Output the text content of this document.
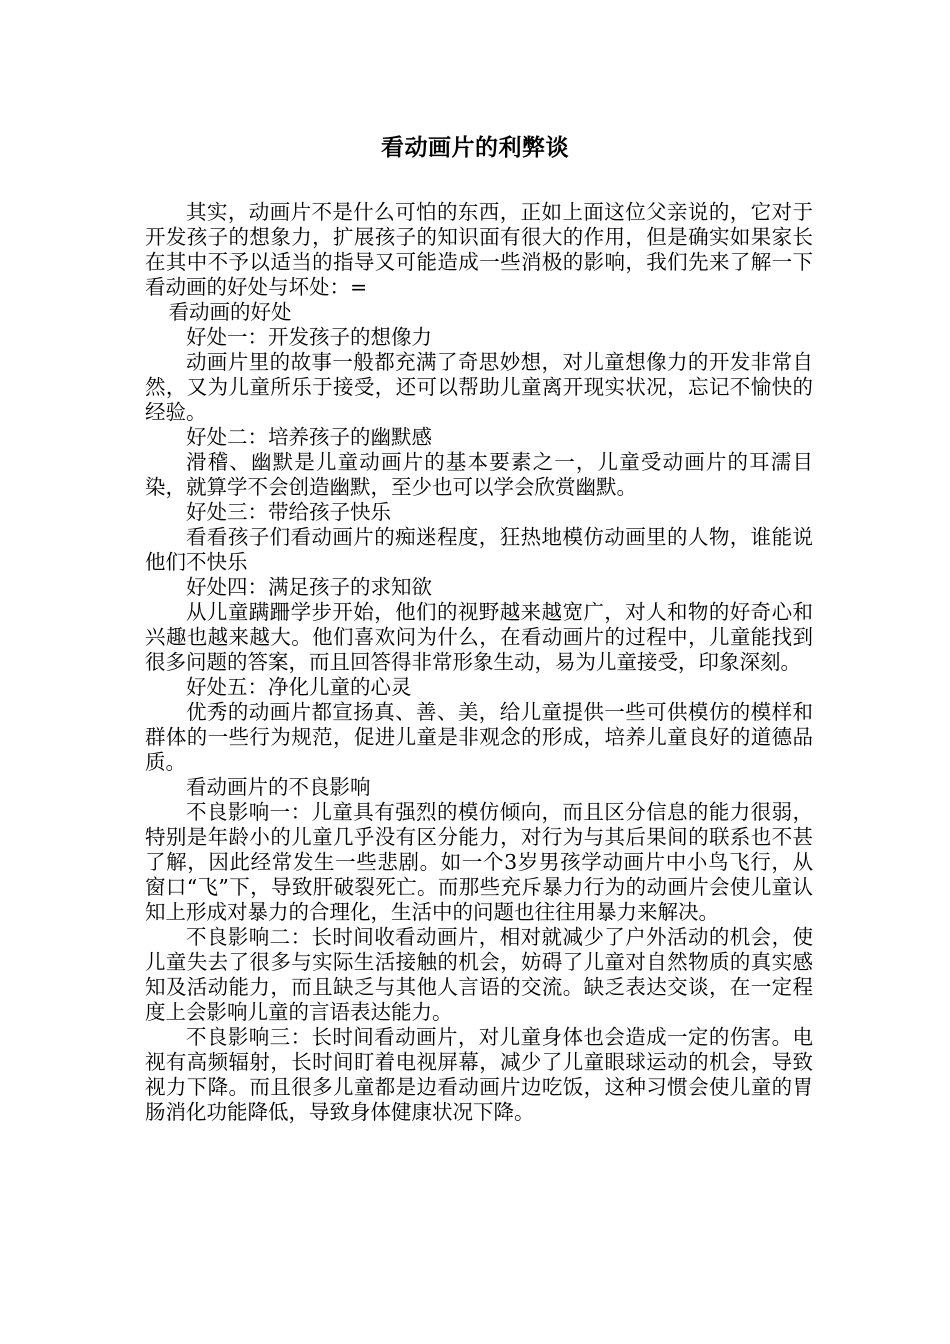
看动画片的利弊谈

其实，动画片不是什么可怕的东西，正如上面这位父亲说的，它对于开发孩子的想象力，扩展孩子的知识面有很大的作用，但是确实如果家长在其中不予以适当的指导又可能造成一些消极的影响，我们先来了解一下看动画的好处与坏处：=

看动画的好处

好处一：开发孩子的想像力

动画片里的故事一般都充满了奇思妙想，对儿童想像力的开发非常自然，又为儿童所乐于接受，还可以帮助儿童离开现实状况，忘记不愉快的经验。

好处二：培养孩子的幽默感

滑稽、幽默是儿童动画片的基本要素之一，儿童受动画片的耳濡目染，就算学不会创造幽默，至少也可以学会欣赏幽默。

好处三：带给孩子快乐

看看孩子们看动画片的痴迷程度，狂热地模仿动画里的人物，谁能说他们不快乐

好处四：满足孩子的求知欲

从儿童蹒跚学步开始，他们的视野越来越宽广，对人和物的好奇心和兴趣也越来越大。他们喜欢问为什么，在看动画片的过程中，儿童能找到很多问题的答案，而且回答得非常形象生动，易为儿童接受，印象深刻。

好处五：净化儿童的心灵

优秀的动画片都宣扬真、善、美，给儿童提供一些可供模仿的模样和群体的一些行为规范，促进儿童是非观念的形成，培养儿童良好的道德品质。

看动画片的不良影响

不良影响一：儿童具有强烈的模仿倾向，而且区分信息的能力很弱，特别是年龄小的儿童几乎没有区分能力，对行为与其后果间的联系也不甚了解，因此经常发生一些悲剧。如一个3岁男孩学动画片中小鸟飞行，从窗口“飞”下，导致肝破裂死亡。而那些充斥暴力行为的动画片会使儿童认知上形成对暴力的合理化，生活中的问题也往往用暴力来解决。

不良影响二：长时间收看动画片，相对就减少了户外活动的机会，使儿童失去了很多与实际生活接触的机会，妨碍了儿童对自然物质的真实感知及活动能力，而且缺乏与其他人言语的交流。缺乏表达交谈，在一定程度上会影响儿童的言语表达能力。

不良影响三：长时间看动画片，对儿童身体也会造成一定的伤害。电视有高频辐射，长时间盯着电视屏幕，减少了儿童眼球运动的机会，导致视力下降。而且很多儿童都是边看动画片边吃饭，这种习惯会使儿童的胃肠消化功能降低，导致身体健康状况下降。
